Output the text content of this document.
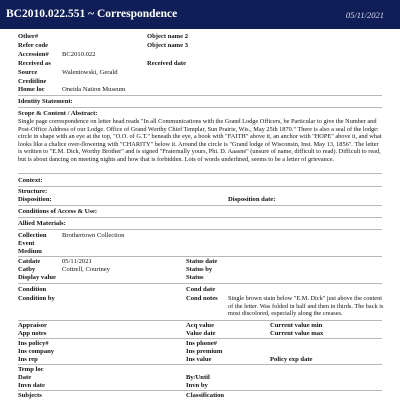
BC2010.022.551 ~ Correspondence	05/11/2021
Other#	Object name 2
Refer code	Object name 3
Accession# BC2010.022
Received as	Received date
Source	Walentowski, Gerald
Creditline
Home loc	Oneida Nation Museum
Identity Statement:
Scope & Content / Abstract:
Single page correspondence on letter head reads "In all Communications with the Grand Lodge Officers, be Particular to give the Number and Post-Office Address of our Lodge. Office of Grand Worthy Chief Templar, Sun Prairie, Wis., May 25th 1870." There is also a seal of the lodge: circle in shape with an eye at the top, "O.O. of G.T." beneath the eye, a book with "FAITH" above it, an anchor with "HOPE" above it, and what looks like a chalice over-flowering with "CHARITY" below it. Around the circle is "Grand lodge of Wisconsin, Inst. May 13, 1856". The letter is written to "E.M. Dick, Worthy Brother" and is signed "Fraternally yours, Phi. D. Aaasne" (unsure of name, difficult to read). Difficult to read, but is about dancing on meeting nights and how that is forbidden. Lots of words underlined, seems to be a letter of grievance.
Context:
Structure:
Disposition:	Disposition date:
Conditions of Access & Use:
Allied Materials:
Collection Brothertown Collection
Event
Medium
Catdate	05/11/2021	Status date
Catby	Cottrell, Courtney	Status by
Display value	Status
Condition	Cond date
Condition by	Cond notes Single brown stain below "E.M. Dick" just above the content of the letter. Was folded in half and then in thirds. The back is most discolored, especially along the creases.
Appraisor	Acq value	Current value min
App notes	Value date	Current value max
Ins policy#	Ins phone#
Ins company	Ins premium
Ins rep	Ins value	Policy exp date
Temp loc
Date	By/Until
Invn date	Invn by
Subjects	Classification
